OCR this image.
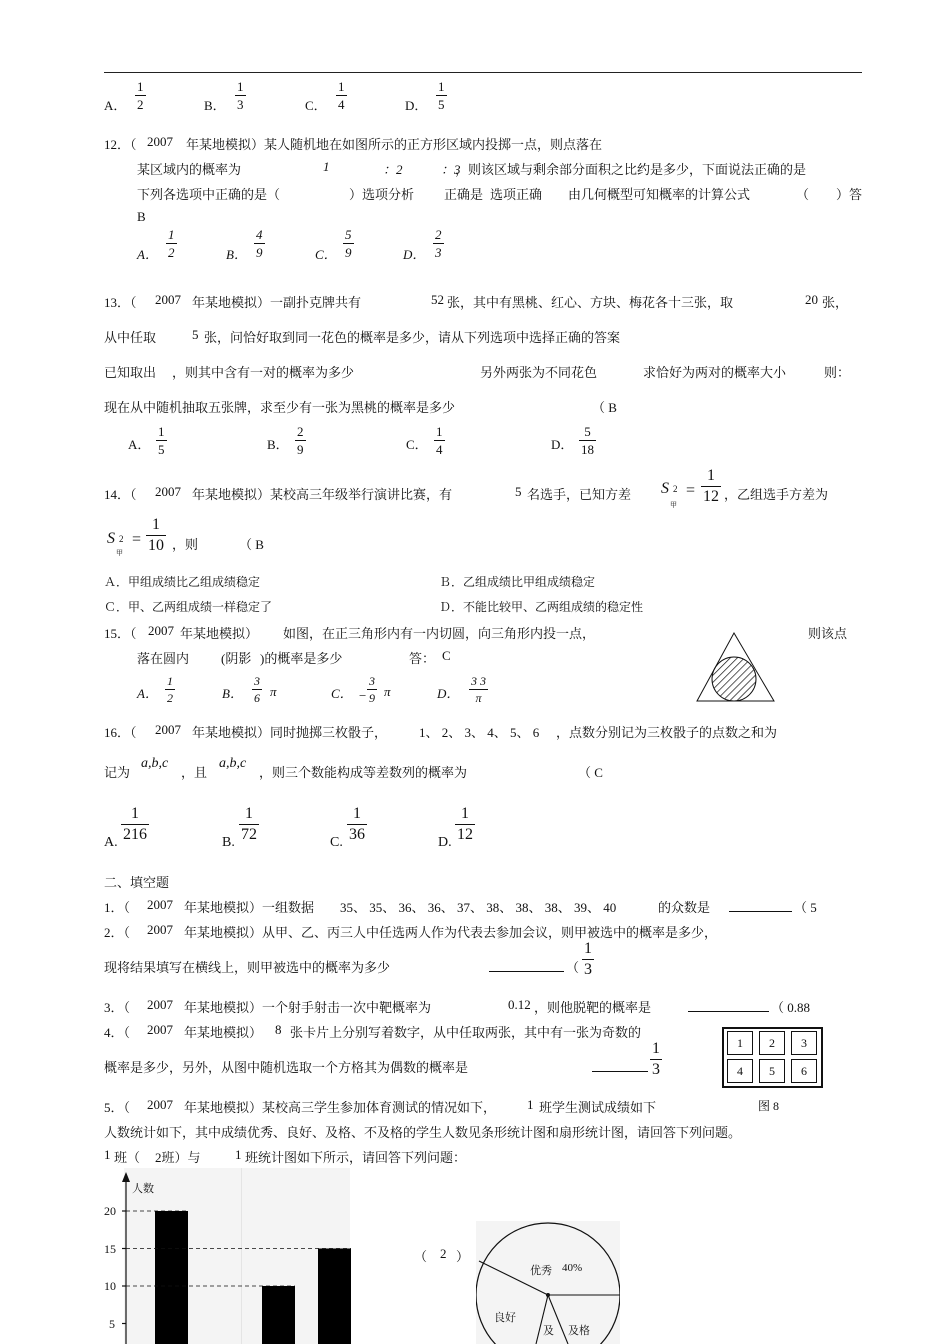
A．
1
2	B．
1
3	C．
1
4	D．
1
5
12．（ 2007 年某地模拟）某人随机地在如图所示的正方形区域内投掷一点，则点落在
某区域内的概率为	1	：2	：3
，则该区域与剩余部分面积之比约是多少，下面说法正确的是
下列各选项中正确的是（	）选项分析 正确是 选项正确 由几何概型可知概率的计算公式	（ ）答
B
A．
1
2	B．
4
9	C．
5
9	D．
2
3
13．（ 2007 年某地模拟）一副扑克牌共有	52 张，其中有黑桃、红心、方块、梅花各十三张，取	20 张，
从中任取	5 张，问恰好取到同一花色的概率是多少，请从下列选项中选择正确的答案
已知取出 ，则其中含有一对的概率为多少	另外两张为不同花色	求恰好为两对的概率大小	则：
现在从中随机抽取五张牌，求至少有一张为黑桃的概率是多少	（ B
A．
1
5	B．
2
9	C．
1
4	D．
5
18
14．（ 2007 年某地模拟）某校高三年级举行演讲比赛，有	5 名选手，已知方差 S 2
甲
=
1
12 ，乙组选手方差为
S 2
甲
=
1
10 ，则	（ B
Ａ．甲组成绩比乙组成绩稳定	Ｂ．乙组成绩比甲组成绩稳定
Ｃ．甲、乙两组成绩一样稳定了	Ｄ．不能比较甲、乙两组成绩的稳定性
15．（ 2007 年某地模拟） 如图，在正三角形内有一内切圆，向三角形内投一点，	则该点
落在圆内 (阴影 )的概率是多少	答： C
A．
1
2	B．
3
6 π	C． −
3
9 π	D．
3 3
π
16．（ 2007 年某地模拟）同时抛掷三枚骰子， 1、 2、 3、 4、 5、 6 ，点数分别记为三枚骰子的点数之和为
记为
a,b,c
，且
a,b,c
，则三个数能构成等差数列的概率为	（ C
A.
1
216	B.
1
72	C.
1
36	D.
1
12
二、填空题
1．（ 2007 年某地模拟）一组数据 35、 35、 36、 36、 37、 38、 38、 38、 39、 40	的众数是	（ 5
2．（ 2007 年某地模拟）从甲、乙、丙三人中任选两人作为代表去参加会议，则甲被选中的概率是多少，
现将结果填写在横线上，则甲被选中的概率为多少	（
1
3
3．（ 2007 年某地模拟）一个射手射击一次中靶概率为	0.12 ，则他脱靶的概率是	（ 0.88
4．（ 2007 年某地模拟） 8 张卡片上分别写着数字，从中任取两张，其中有一张为奇数的
概率是多少，另外，从图中随机选取一个方格其为偶数的概率是
1
3
1	2	3
4	5	6
图 8
5．（ 2007 年某地模拟）某校高三学生参加体育测试的情况如下， 1 班学生测试成绩如下
人数统计如下，其中成绩优秀、良好、及格、不及格的学生人数见条形统计图和扇形统计图，请回答下列问题。
1 班（ 2班）与	1 班统计图如下所示，请回答下列问题：
人数
20
15
10
5
（ 2 ）
优秀 40%
良好
及 及格
